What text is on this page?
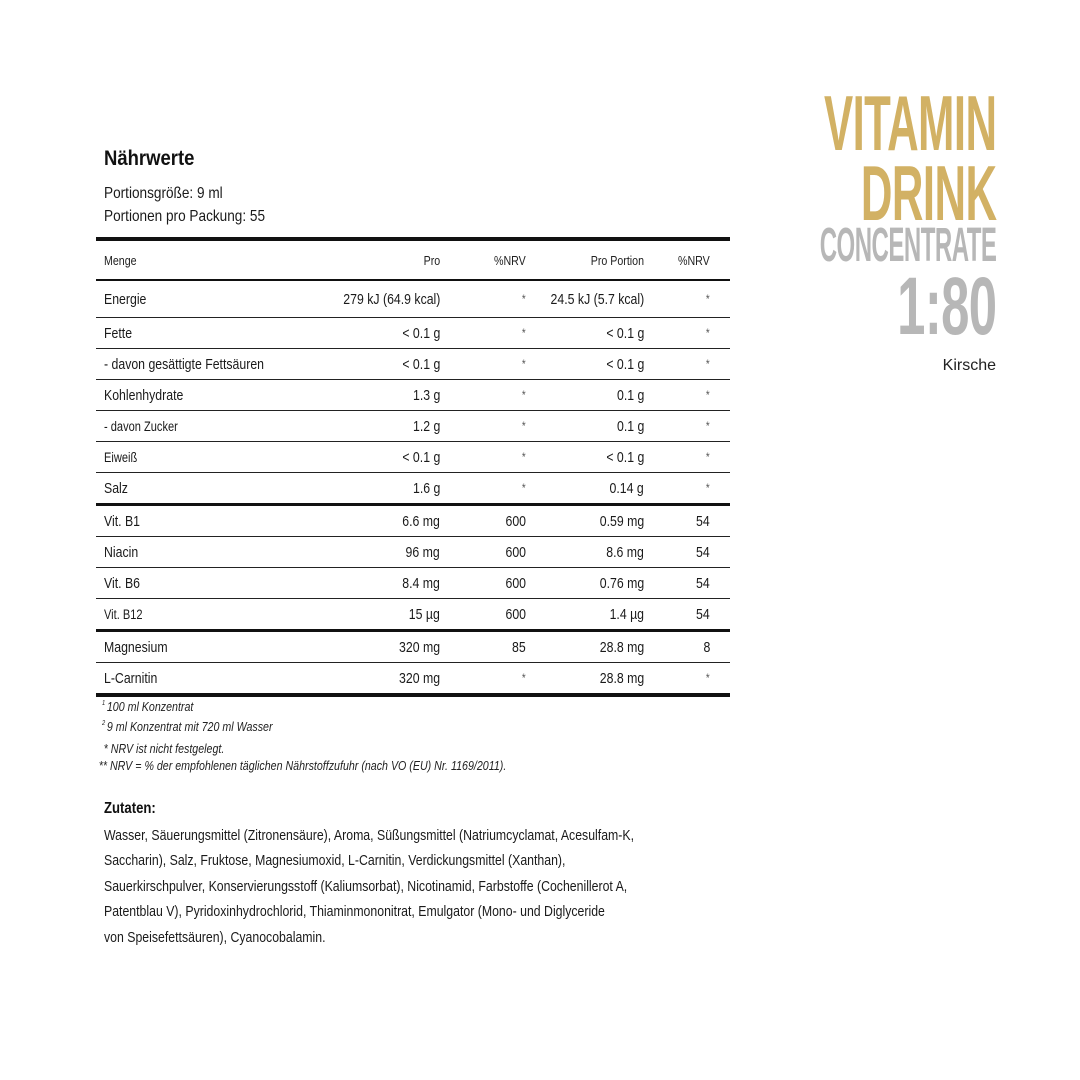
VITAMIN
DRINK
CONCENTRATE
1:80
Kirsche
Nährwerte
Portionsgröße: 9 ml
Portionen pro Packung: 55
Menge	Pro	%NRV	Pro Portion	%NRV
Energie	279 kJ (64.9 kcal)	*	24.5 kJ (5.7 kcal)	*
Fette	< 0.1 g	*	< 0.1 g	*
- davon gesättigte Fettsäuren	< 0.1 g	*	< 0.1 g	*
Kohlenhydrate	1.3 g	*	0.1 g	*
- davon Zucker	1.2 g	*	0.1 g	*
Eiweiß	< 0.1 g	*	< 0.1 g	*
Salz	1.6 g	*	0.14 g	*
Vit. B1	6.6 mg	600	0.59 mg	54
Niacin	96 mg	600	8.6 mg	54
Vit. B6	8.4 mg	600	0.76 mg	54
Vit. B12	15 µg	600	1.4 µg	54
Magnesium	320 mg	85	28.8 mg	8
L-Carnitin	320 mg	*	28.8 mg	*
$^1$ 100 ml Konzentrat
$^2$ 9 ml Konzentrat mit 720 ml Wasser
* NRV ist nicht festgelegt.
** NRV = % der empfohlenen täglichen Nährstoffzufuhr (nach VO (EU) Nr. 1169/2011).
Zutaten:
Wasser, Säuerungsmittel (Zitronensäure), Aroma, Süßungsmittel (Natriumcyclamat, Acesulfam-K,
Saccharin), Salz, Fruktose, Magnesiumoxid, L-Carnitin, Verdickungsmittel (Xanthan),
Sauerkirschpulver, Konservierungsstoff (Kaliumsorbat), Nicotinamid, Farbstoffe (Cochenillerot A,
Patentblau V), Pyridoxinhydrochlorid, Thiaminmononitrat, Emulgator (Mono- und Diglyceride
von Speisefettsäuren), Cyanocobalamin.
